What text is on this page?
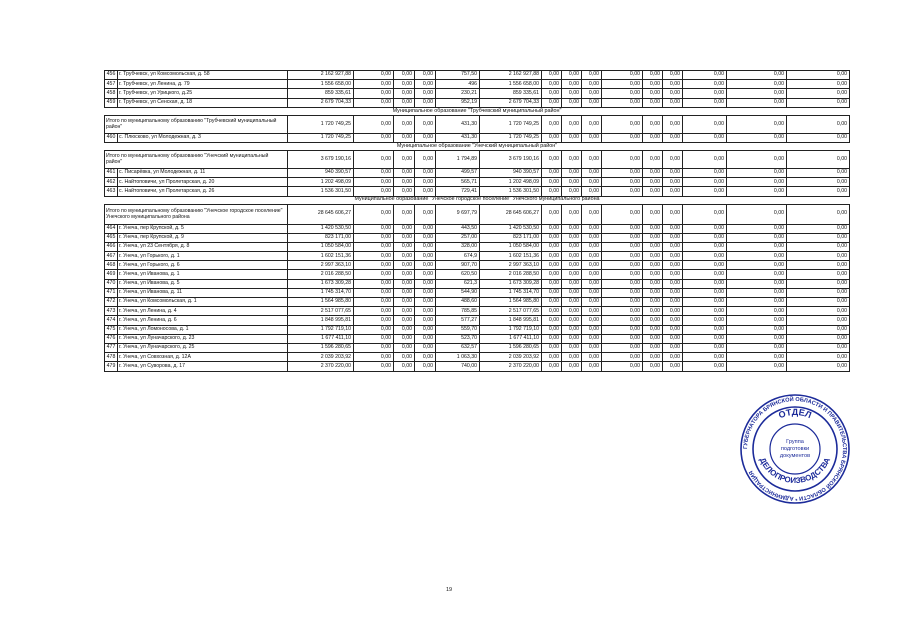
456	г. Трубчевск, ул Комсомольская, д. 58	2 162 927,88	0,00	0,00	0,00	757,50	2 162 927,88	0,00	0,00	0,00	0,00	0,00	0,00	0,00	0,00	0,00
457	г. Трубчевск, ул Ленина, д. 79	1 556 658,00	0,00	0,00	0,00	496	1 556 658,00	0,00	0,00	0,00	0,00	0,00	0,00	0,00	0,00	0,00
458	г. Трубчевск, ул Урицкого, д.25	859 335,61	0,00	0,00	0,00	230,21	859 335,61	0,00	0,00	0,00	0,00	0,00	0,00	0,00	0,00	0,00
459	г. Трубчевск, ул Сенская, д. 18	2 679 704,33	0,00	0,00	0,00	952,19	2 679 704,33	0,00	0,00	0,00	0,00	0,00	0,00	0,00	0,00	0,00
Муниципальное образование "Трубчевский муниципальный район"																
Итого по муниципальному образованию "Трубчевский муниципальный район"		1 720 749,25	0,00	0,00	0,00	431,30	1 720 749,25	0,00	0,00	0,00	0,00	0,00	0,00	0,00	0,00	0,00
460	с. Плюсково, ул Молодежная, д. 3	1 720 749,25	0,00	0,00	0,00	431,30	1 720 749,25	0,00	0,00	0,00	0,00	0,00	0,00	0,00	0,00	0,00
Муниципальное образование "Унечский муниципальный район"																
Итого по муниципальному образованию "Унечский муниципальный район"		3 679 190,16	0,00	0,00	0,00	1 794,89	3 679 190,16	0,00	0,00	0,00	0,00	0,00	0,00	0,00	0,00	0,00
461	с. Писарёвка, ул Молодежная, д. 11	940 390,57	0,00	0,00	0,00	499,57	940 390,57	0,00	0,00	0,00	0,00	0,00	0,00	0,00	0,00	0,00
462	с. Найтоповичи, ул Пролетарская, д. 20	1 202 498,09	0,00	0,00	0,00	565,71	1 202 498,09	0,00	0,00	0,00	0,00	0,00	0,00	0,00	0,00	0,00
463	с. Найтоповичи, ул Пролетарская, д. 26	1 536 301,50	0,00	0,00	0,00	729,41	1 536 301,50	0,00	0,00	0,00	0,00	0,00	0,00	0,00	0,00	0,00
Муниципальное образование "Унечское городское поселение" Унечского муниципального района																
Итого по муниципальному образованию "Унечское городское поселение" Унечского муниципального района		28 645 606,27	0,00	0,00	0,00	9 697,79	28 645 606,27	0,00	0,00	0,00	0,00	0,00	0,00	0,00	0,00	0,00
464	г. Унеча, пер Крупской, д. 5	1 420 530,50	0,00	0,00	0,00	443,50	1 420 530,50	0,00	0,00	0,00	0,00	0,00	0,00	0,00	0,00	0,00
465	г. Унеча, пер Крупской, д. 9	823 171,00	0,00	0,00	0,00	257,00	823 171,00	0,00	0,00	0,00	0,00	0,00	0,00	0,00	0,00	0,00
466	г. Унеча, ул 23 Сентября, д. 8	1 050 584,00	0,00	0,00	0,00	328,00	1 050 584,00	0,00	0,00	0,00	0,00	0,00	0,00	0,00	0,00	0,00
467	г. Унеча, ул Горького, д. 1	1 602 151,36	0,00	0,00	0,00	674,9	1 602 151,36	0,00	0,00	0,00	0,00	0,00	0,00	0,00	0,00	0,00
468	г. Унеча, ул Горького, д. 6	2 997 363,10	0,00	0,00	0,00	907,70	2 997 363,10	0,00	0,00	0,00	0,00	0,00	0,00	0,00	0,00	0,00
469	г. Унеча, ул Иванова, д. 1	2 016 288,50	0,00	0,00	0,00	620,50	2 016 288,50	0,00	0,00	0,00	0,00	0,00	0,00	0,00	0,00	0,00
470	г. Унеча, ул Иванова, д. 5	1 673 309,28	0,00	0,00	0,00	621,3	1 673 309,28	0,00	0,00	0,00	0,00	0,00	0,00	0,00	0,00	0,00
471	г. Унеча, ул Иванова, д. 11	1 745 314,70	0,00	0,00	0,00	544,90	1 745 314,70	0,00	0,00	0,00	0,00	0,00	0,00	0,00	0,00	0,00
472	г. Унеча, ул Комсомольская, д. 1	1 564 985,80	0,00	0,00	0,00	488,60	1 564 985,80	0,00	0,00	0,00	0,00	0,00	0,00	0,00	0,00	0,00
473	г. Унеча, ул Ленина, д. 4	2 517 077,65	0,00	0,00	0,00	785,85	2 517 077,65	0,00	0,00	0,00	0,00	0,00	0,00	0,00	0,00	0,00
474	г. Унеча, ул Ленина, д. 6	1 848 995,81	0,00	0,00	0,00	577,27	1 848 995,81	0,00	0,00	0,00	0,00	0,00	0,00	0,00	0,00	0,00
475	г. Унеча, ул Ломоносова, д. 1	1 792 719,10	0,00	0,00	0,00	559,70	1 792 719,10	0,00	0,00	0,00	0,00	0,00	0,00	0,00	0,00	0,00
476	г. Унеча, ул Луначарского, д. 23	1 677 411,10	0,00	0,00	0,00	523,70	1 677 411,10	0,00	0,00	0,00	0,00	0,00	0,00	0,00	0,00	0,00
477	г. Унеча, ул Луначарского, д. 25	1 596 280,65	0,00	0,00	0,00	632,57	1 596 280,65	0,00	0,00	0,00	0,00	0,00	0,00	0,00	0,00	0,00
478	г. Унеча, ул Совхозная, д. 12А	2 039 203,92	0,00	0,00	0,00	1 063,30	2 039 203,92	0,00	0,00	0,00	0,00	0,00	0,00	0,00	0,00	0,00
479	г. Унеча, ул Суворова, д. 17	2 370 220,00	0,00	0,00	0,00	740,00	2 370 220,00	0,00	0,00	0,00	0,00	0,00	0,00	0,00	0,00	0,00
19
ГУБЕРНАТОРА БРЯНСКОЙ ОБЛАСТИ И ПРАВИТЕЛЬСТВА БРЯНСКОЙ ОБЛАСТИ * АДМИНИСТРАЦИЯ
ОТДЕЛ
ДЕЛОПРОИЗВОДСТВА
Группа подготовки документов
